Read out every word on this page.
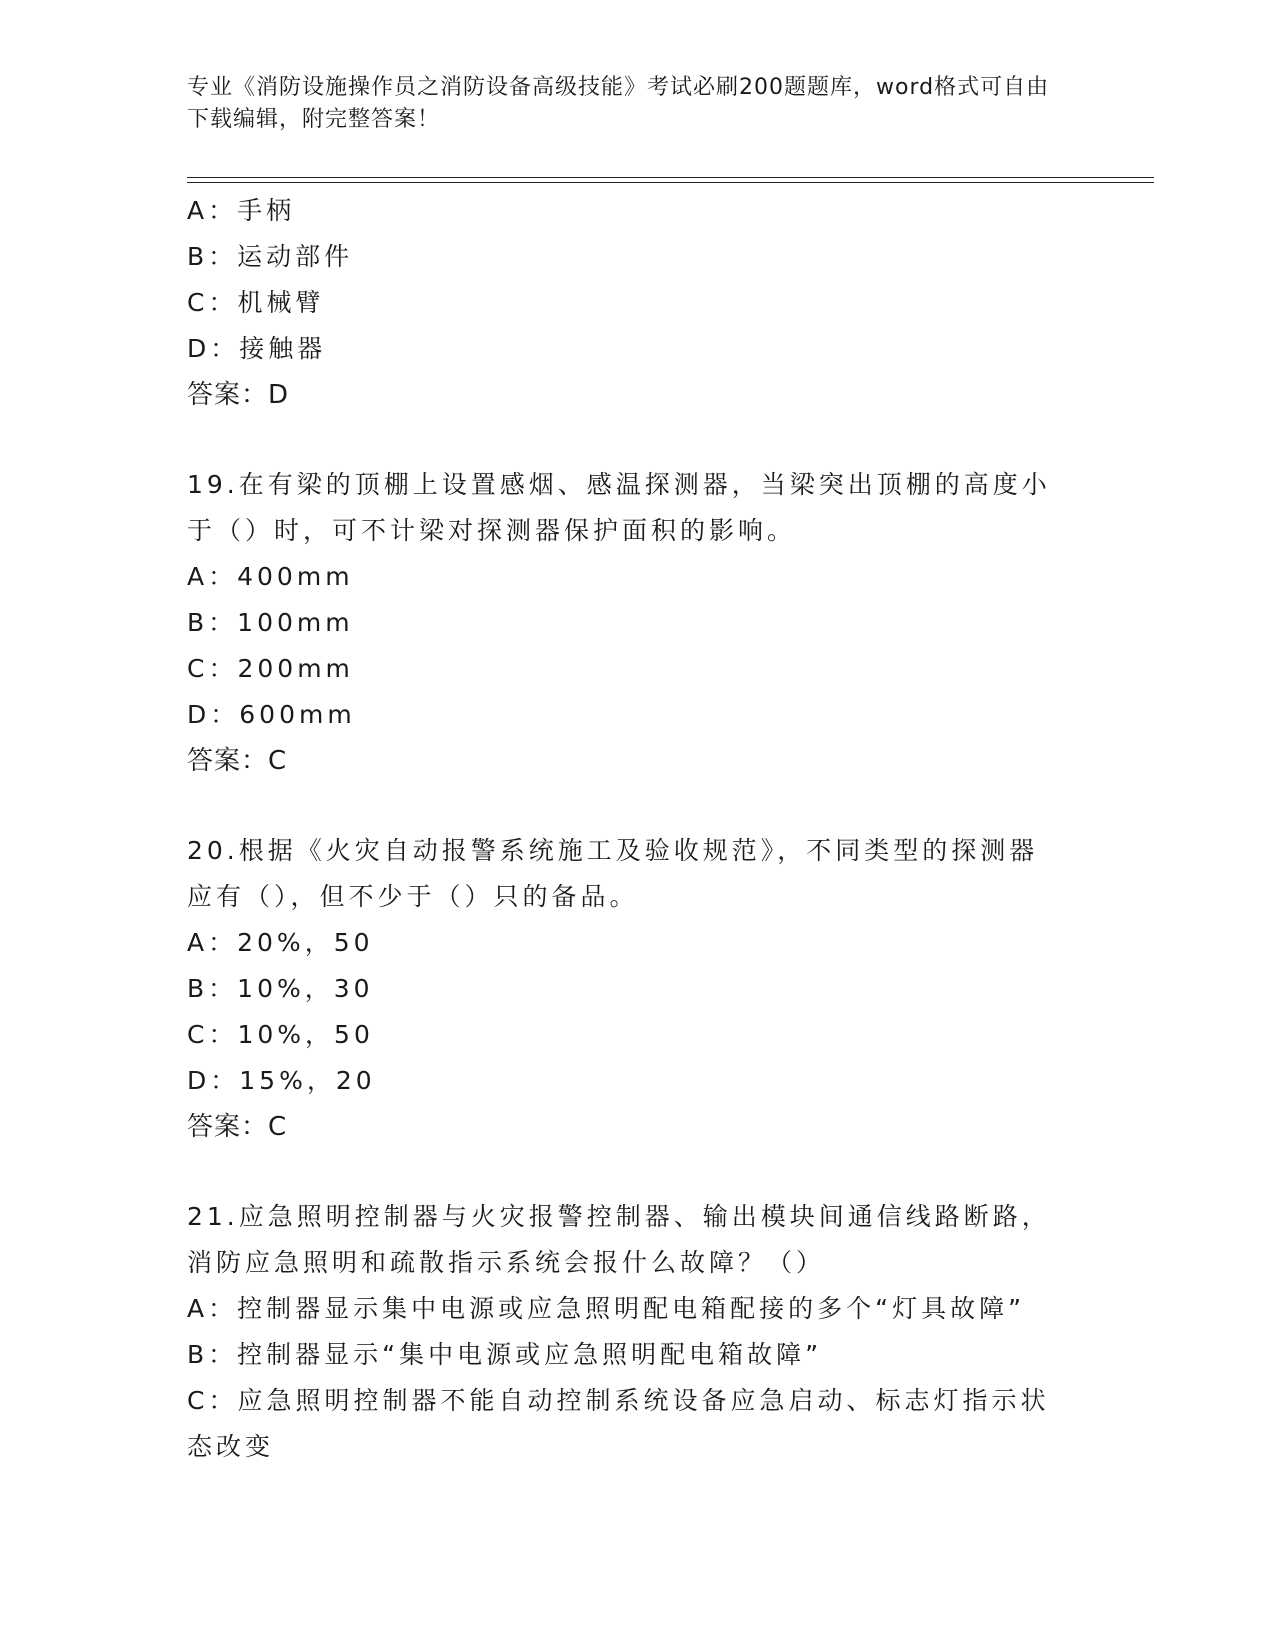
专业《消防设施操作员之消防设备高级技能》考试必刷200题题库，word格式可自由下载编辑，附完整答案！
A：手柄
B：运动部件
C：机械臂
D：接触器
答案：D
19.在有梁的顶棚上设置感烟、感温探测器，当梁突出顶棚的高度小于（）时，可不计梁对探测器保护面积的影响。
A：400mm
B：100mm
C：200mm
D：600mm
答案：C
20.根据《火灾自动报警系统施工及验收规范》，不同类型的探测器应有（），但不少于（）只的备品。
A：20%，50
B：10%，30
C：10%，50
D：15%，20
答案：C
21.应急照明控制器与火灾报警控制器、输出模块间通信线路断路，消防应急照明和疏散指示系统会报什么故障？（）
A：控制器显示集中电源或应急照明配电箱配接的多个“灯具故障”
B：控制器显示“集中电源或应急照明配电箱故障”
C：应急照明控制器不能自动控制系统设备应急启动、标志灯指示状态改变
